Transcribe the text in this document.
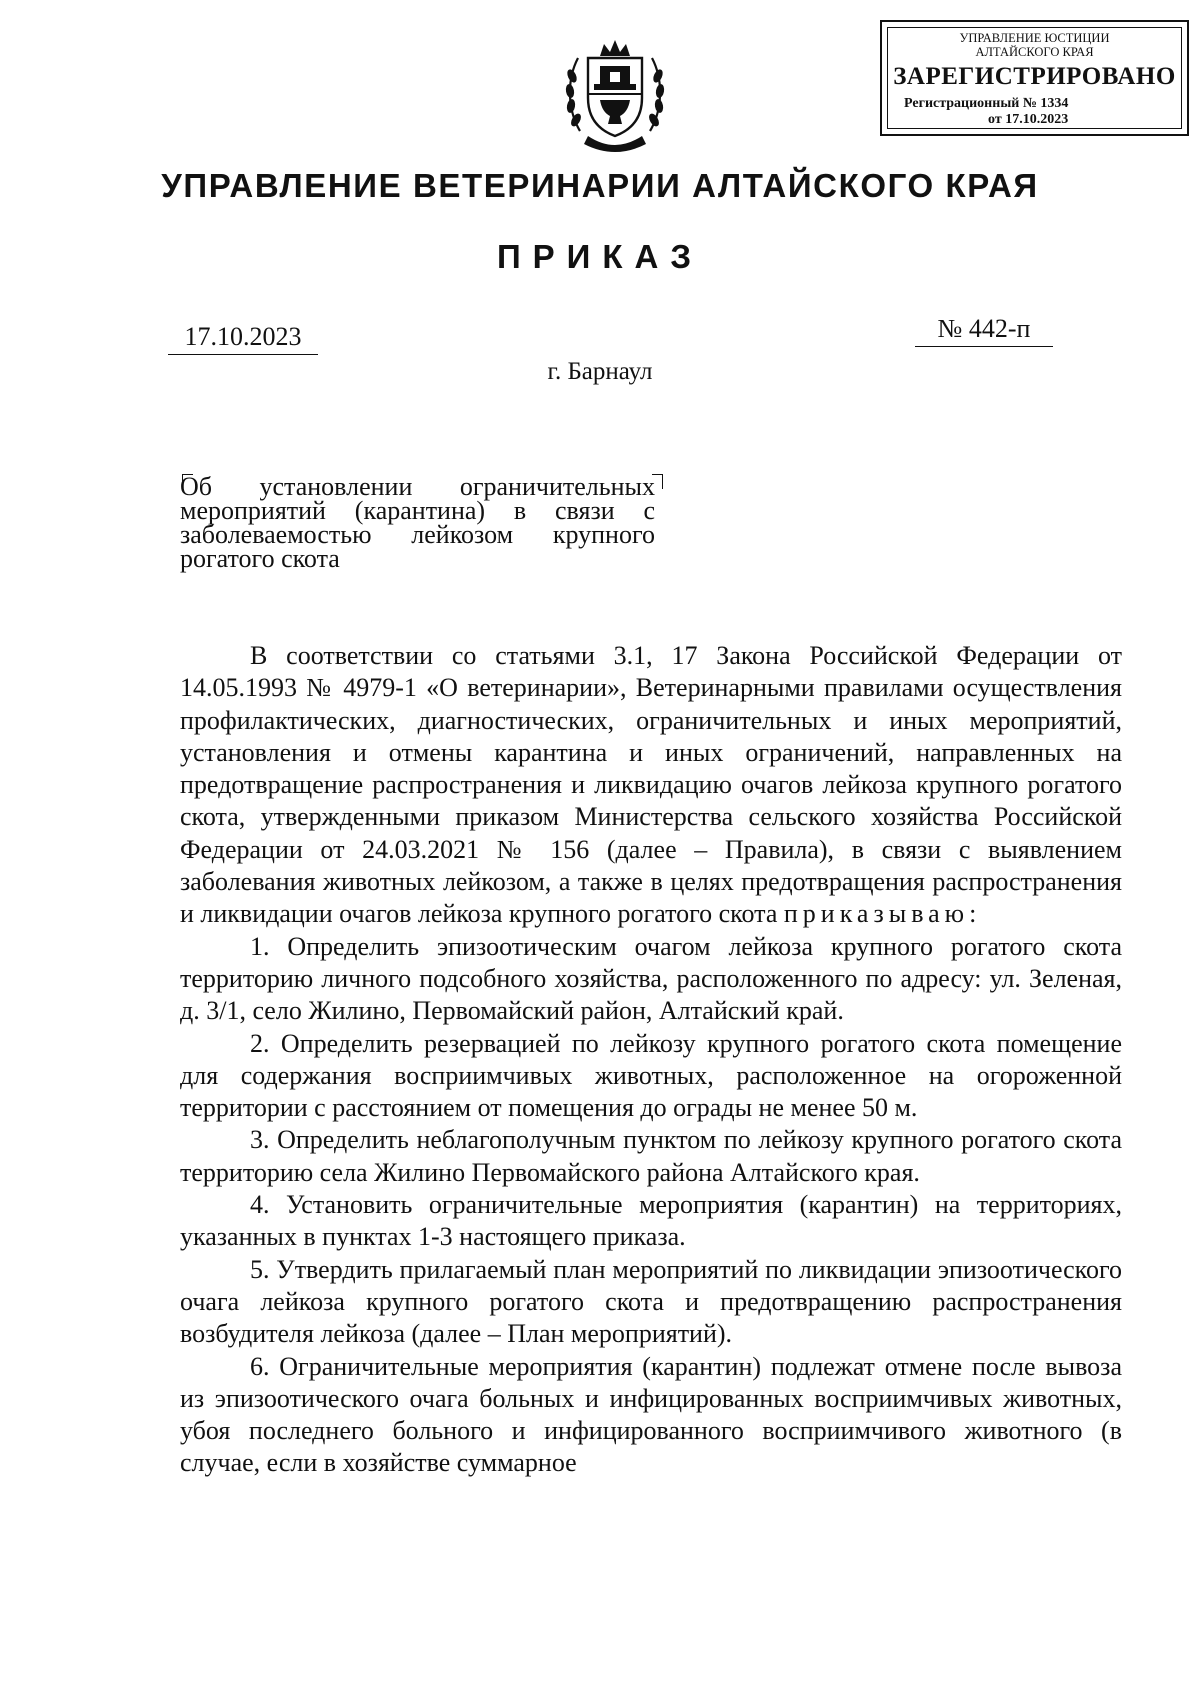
УПРАВЛЕНИЕ ЮСТИЦИИ
АЛТАЙСКОГО КРАЯ
ЗАРЕГИСТРИРОВАНО
Регистрационный № 1334
от 17.10.2023
УПРАВЛЕНИЕ ВЕТЕРИНАРИИ АЛТАЙСКОГО КРАЯ
ПРИКАЗ
17.10.2023	№ 442-п
г. Барнаул
Об установлении ограничительных
мероприятий (карантина) в связи с
заболеваемостью лейкозом крупного
рогатого скота

В соответствии со статьями 3.1, 17 Закона Российской Федерации от 14.05.1993 № 4979-1 «О ветеринарии», Ветеринарными правилами осуществления профилактических, диагностических, ограничительных и иных мероприятий, установления и отмены карантина и иных ограничений, направленных на предотвращение распространения и ликвидацию очагов лейкоза крупного рогатого скота, утвержденными приказом Министерства сельского хозяйства Российской Федерации от 24.03.2021 № 156 (далее – Правила), в связи с выявлением заболевания животных лейкозом, а также в целях предотвращения распространения и ликвидации очагов лейкоза крупного рогатого скота приказываю:

1. Определить эпизоотическим очагом лейкоза крупного рогатого скота территорию личного подсобного хозяйства, расположенного по адресу: ул. Зеленая, д. 3/1, село Жилино, Первомайский район, Алтайский край.

2. Определить резервацией по лейкозу крупного рогатого скота помещение для содержания восприимчивых животных, расположенное на огороженной территории с расстоянием от помещения до ограды не менее 50 м.

3. Определить неблагополучным пунктом по лейкозу крупного рогатого скота территорию села Жилино Первомайского района Алтайского края.

4. Установить ограничительные мероприятия (карантин) на территориях, указанных в пунктах 1-3 настоящего приказа.

5. Утвердить прилагаемый план мероприятий по ликвидации эпизоотического очага лейкоза крупного рогатого скота и предотвращению распространения возбудителя лейкоза (далее – План мероприятий).

6. Ограничительные мероприятия (карантин) подлежат отмене после вывоза из эпизоотического очага больных и инфицированных восприимчивых животных, убоя последнего больного и инфицированного восприимчивого животного (в случае, если в хозяйстве суммарное
